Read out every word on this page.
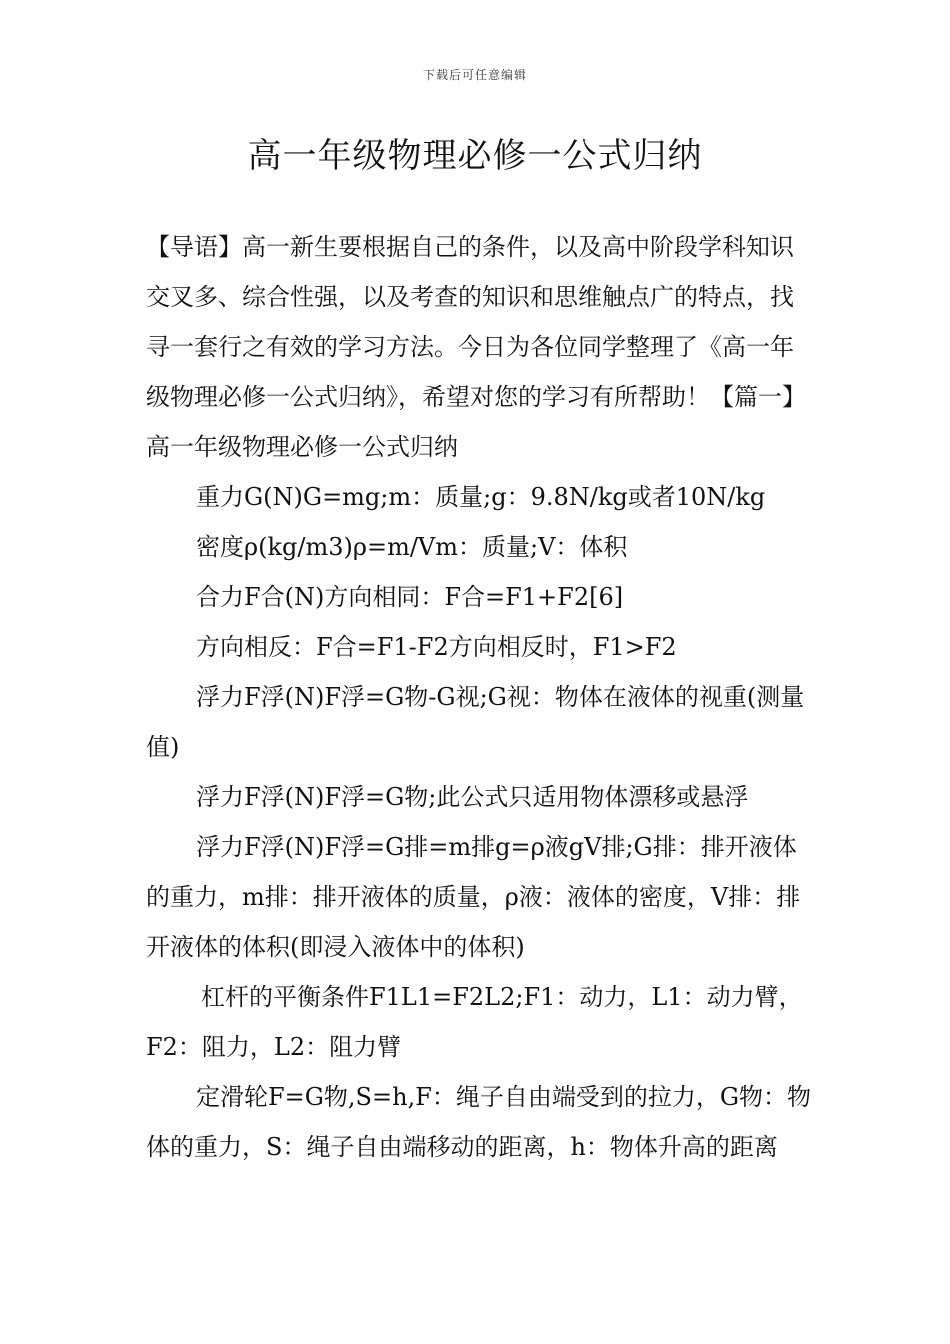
下载后可任意编辑
高一年级物理必修一公式归纳

【导语】高一新生要根据自己的条件，以及高中阶段学科知识交叉多、综合性强，以及考查的知识和思维触点广的特点，找寻一套行之有效的学习方法。今日为各位同学整理了《高一年级物理必修一公式归纳》，希望对您的学习有所帮助！【篇一】高一年级物理必修一公式归纳

重力G(N)G=mg;m：质量;g：9.8N/kg或者10N/kg

密度ρ(kg/m3)ρ=m/Vm：质量;V：体积

合力F合(N)方向相同：F合=F1+F2[6]

方向相反：F合=F1-F2方向相反时，F1>F2

浮力F浮(N)F浮=G物-G视;G视：物体在液体的视重(测量值)

浮力F浮(N)F浮=G物;此公式只适用物体漂移或悬浮

浮力F浮(N)F浮=G排=m排g=ρ液gV排;G排：排开液体的重力，m排：排开液体的质量，ρ液：液体的密度，V排：排开液体的体积(即浸入液体中的体积)

杠杆的平衡条件F1L1=F2L2;F1：动力，L1：动力臂，F2：阻力，L2：阻力臂

定滑轮F=G物,S=h,F：绳子自由端受到的拉力，G物：物体的重力，S：绳子自由端移动的距离，h：物体升高的距离
